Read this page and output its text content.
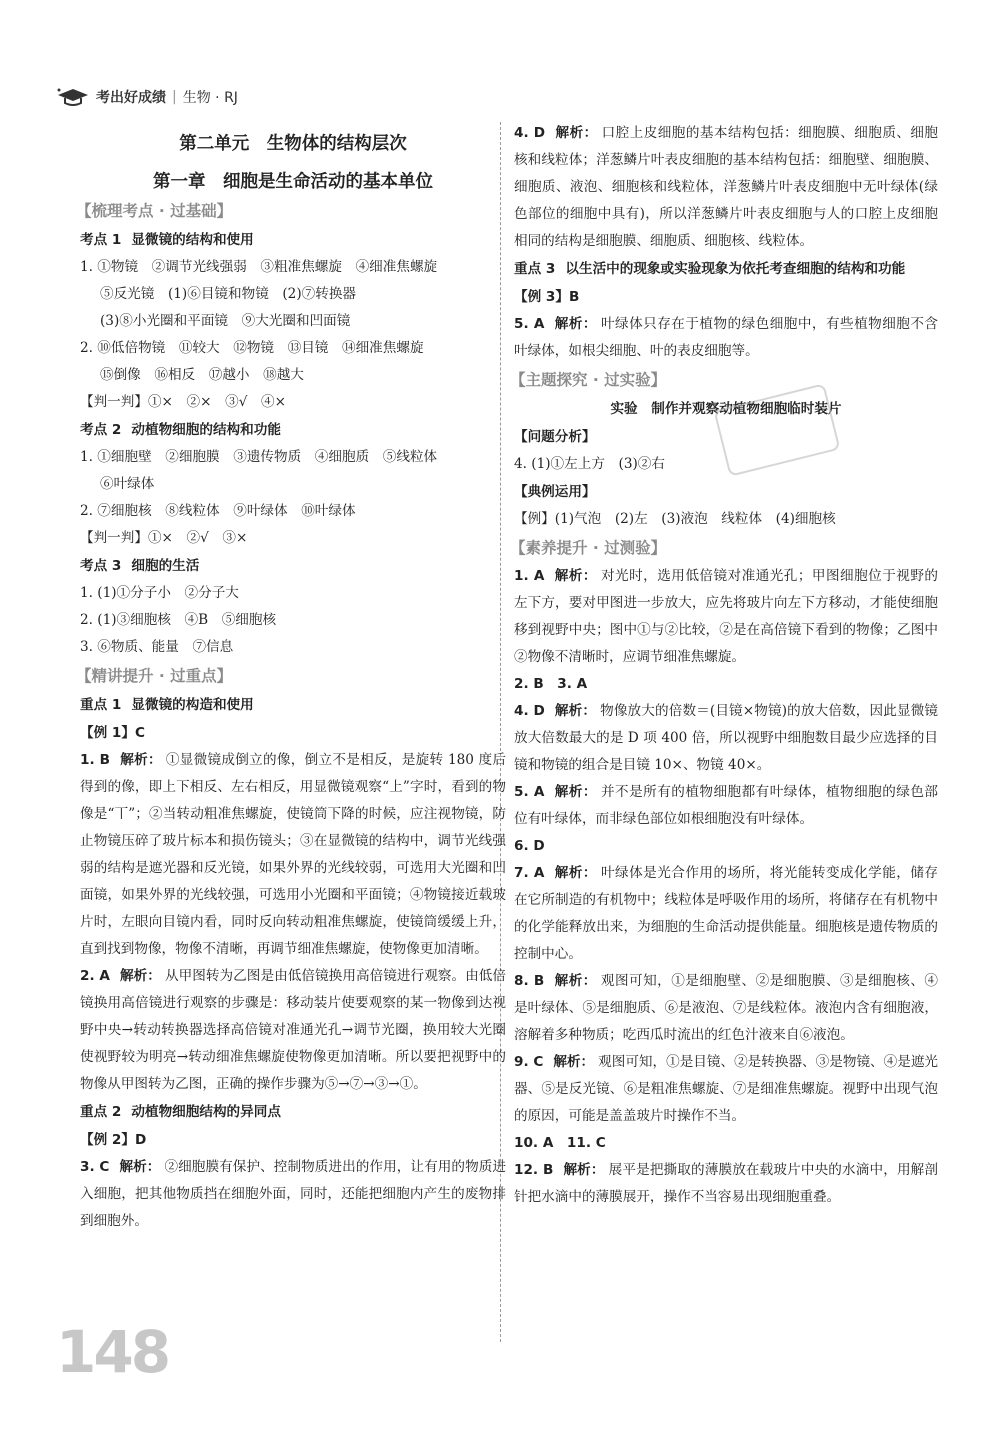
考出好成绩 | 生物 · RJ
第二单元　生物体的结构层次
第一章　细胞是生命活动的基本单位
【梳理考点 · 过基础】
考点 1 显微镜的结构和使用
1. ①物镜　②调节光线强弱　③粗准焦螺旋　④细准焦螺旋
⑤反光镜　(1)⑥目镜和物镜　(2)⑦转换器
(3)⑧小光圈和平面镜　⑨大光圈和凹面镜
2. ⑩低倍物镜　⑪较大　⑫物镜　⑬目镜　⑭细准焦螺旋
⑮倒像　⑯相反　⑰越小　⑱越大
【判一判】①×　②×　③√　④×
考点 2 动植物细胞的结构和功能
1. ①细胞壁　②细胞膜　③遗传物质　④细胞质　⑤线粒体
⑥叶绿体
2. ⑦细胞核　⑧线粒体　⑨叶绿体　⑩叶绿体
【判一判】①×　②√　③×
考点 3 细胞的生活
1. (1)①分子小　②分子大
2. (1)③细胞核　④B　⑤细胞核
3. ⑥物质、能量　⑦信息
【精讲提升 · 过重点】
重点 1 显微镜的构造和使用
【例 1】C
1. B 解析： ①显微镜成倒立的像，倒立不是相反，是旋转 180 度后得到的像，即上下相反、左右相反，用显微镜观察“上”字时，看到的物像是“丅”；②当转动粗准焦螺旋，使镜筒下降的时候，应注视物镜，防止物镜压碎了玻片标本和损伤镜头；③在显微镜的结构中，调节光线强弱的结构是遮光器和反光镜，如果外界的光线较弱，可选用大光圈和凹面镜，如果外界的光线较强，可选用小光圈和平面镜；④物镜接近载玻片时，左眼向目镜内看，同时反向转动粗准焦螺旋，使镜筒缓缓上升，直到找到物像，物像不清晰，再调节细准焦螺旋，使物像更加清晰。
2. A 解析： 从甲图转为乙图是由低倍镜换用高倍镜进行观察。由低倍镜换用高倍镜进行观察的步骤是：移动装片使要观察的某一物像到达视野中央→转动转换器选择高倍镜对准通光孔→调节光圈，换用较大光圈使视野较为明亮→转动细准焦螺旋使物像更加清晰。所以要把视野中的物像从甲图转为乙图，正确的操作步骤为⑤→⑦→③→①。
重点 2 动植物细胞结构的异同点
【例 2】D
3. C 解析： ②细胞膜有保护、控制物质进出的作用，让有用的物质进入细胞，把其他物质挡在细胞外面，同时，还能把细胞内产生的废物排到细胞外。
4. D 解析： 口腔上皮细胞的基本结构包括：细胞膜、细胞质、细胞核和线粒体；洋葱鳞片叶表皮细胞的基本结构包括：细胞壁、细胞膜、细胞质、液泡、细胞核和线粒体，洋葱鳞片叶表皮细胞中无叶绿体(绿色部位的细胞中具有)，所以洋葱鳞片叶表皮细胞与人的口腔上皮细胞相同的结构是细胞膜、细胞质、细胞核、线粒体。
重点 3 以生活中的现象或实验现象为依托考查细胞的结构和功能
【例 3】B
5. A 解析： 叶绿体只存在于植物的绿色细胞中，有些植物细胞不含叶绿体，如根尖细胞、叶的表皮细胞等。
【主题探究 · 过实验】
实验　制作并观察动植物细胞临时装片
【问题分析】
4. (1)①左上方　(3)②右
【典例运用】
【例】(1)气泡　(2)左　(3)液泡　线粒体　(4)细胞核
【素养提升 · 过测验】
1. A 解析： 对光时，选用低倍镜对准通光孔；甲图细胞位于视野的左下方，要对甲图进一步放大，应先将玻片向左下方移动，才能使细胞移到视野中央；图中①与②比较，②是在高倍镜下看到的物像；乙图中②物像不清晰时，应调节细准焦螺旋。
2. B　3. A
4. D 解析： 物像放大的倍数＝(目镜×物镜)的放大倍数，因此显微镜放大倍数最大的是 D 项 400 倍，所以视野中细胞数目最少应选择的目镜和物镜的组合是目镜 10×、物镜 40×。
5. A 解析： 并不是所有的植物细胞都有叶绿体，植物细胞的绿色部位有叶绿体，而非绿色部位如根细胞没有叶绿体。
6. D
7. A 解析： 叶绿体是光合作用的场所，将光能转变成化学能，储存在它所制造的有机物中；线粒体是呼吸作用的场所，将储存在有机物中的化学能释放出来，为细胞的生命活动提供能量。细胞核是遗传物质的控制中心。
8. B 解析： 观图可知，①是细胞壁、②是细胞膜、③是细胞核、④是叶绿体、⑤是细胞质、⑥是液泡、⑦是线粒体。液泡内含有细胞液，溶解着多种物质；吃西瓜时流出的红色汁液来自⑥液泡。
9. C 解析： 观图可知，①是目镜、②是转换器、③是物镜、④是遮光器、⑤是反光镜、⑥是粗准焦螺旋、⑦是细准焦螺旋。视野中出现气泡的原因，可能是盖盖玻片时操作不当。
10. A　11. C
12. B 解析： 展平是把撕取的薄膜放在载玻片中央的水滴中，用解剖针把水滴中的薄膜展开，操作不当容易出现细胞重叠。
148
